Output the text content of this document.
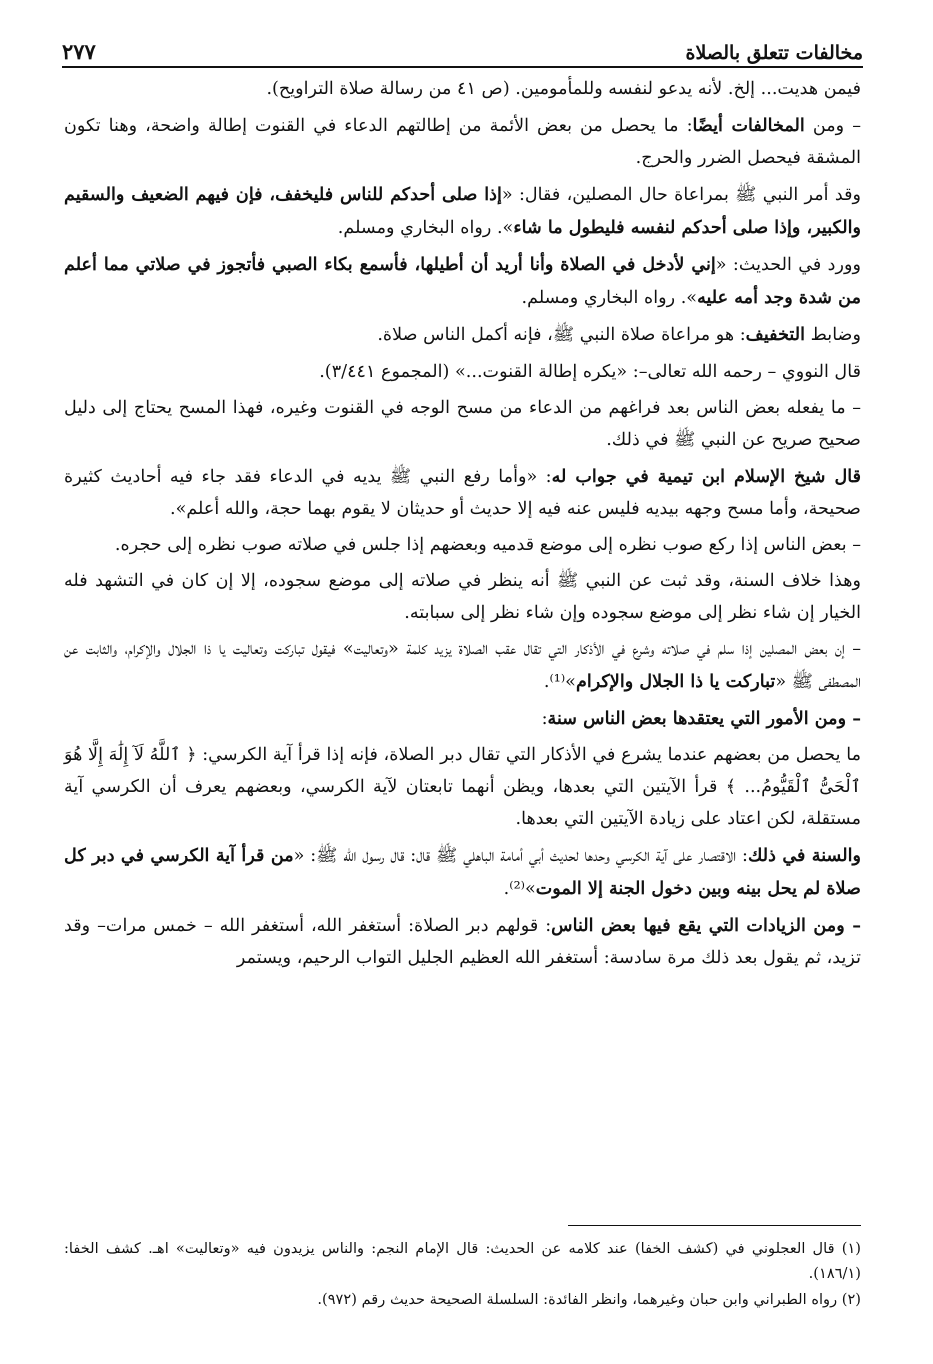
مخالفات تتعلق بالصلاة
٢٧٧

فيمن هديت... إلخ. لأنه يدعو لنفسه وللمأمومين. (ص ٤١ من رسالة صلاة التراويح).

– ومن المخالفات أيضًا: ما يحصل من بعض الأئمة من إطالتهم الدعاء في القنوت إطالة واضحة، وهنا تكون المشقة فيحصل الضرر والحرج.

وقد أمر النبي ﷺ بمراعاة حال المصلين، فقال: «إذا صلى أحدكم للناس فليخفف، فإن فيهم الضعيف والسقيم والكبير، وإذا صلى أحدكم لنفسه فليطول ما شاء». رواه البخاري ومسلم.

وورد في الحديث: «إني لأدخل في الصلاة وأنا أريد أن أطيلها، فأسمع بكاء الصبي فأتجوز في صلاتي مما أعلم من شدة وجد أمه عليه». رواه البخاري ومسلم.

وضابط التخفيف: هو مراعاة صلاة النبي ﷺ، فإنه أكمل الناس صلاة.

قال النووي – رحمه الله تعالى–: «يكره إطالة القنوت...» (المجموع ٣/٤٤١).

– ما يفعله بعض الناس بعد فراغهم من الدعاء من مسح الوجه في القنوت وغيره، فهذا المسح يحتاج إلى دليل صحيح صريح عن النبي ﷺ في ذلك.

قال شيخ الإسلام ابن تيمية في جواب له: «وأما رفع النبي ﷺ يديه في الدعاء فقد جاء فيه أحاديث كثيرة صحيحة، وأما مسح وجهه بيديه فليس عنه فيه إلا حديث أو حديثان لا يقوم بهما حجة، والله أعلم».

– بعض الناس إذا ركع صوب نظره إلى موضع قدميه وبعضهم إذا جلس في صلاته صوب نظره إلى حجره.

وهذا خلاف السنة، وقد ثبت عن النبي ﷺ أنه ينظر في صلاته إلى موضع سجوده، إلا إن كان في التشهد فله الخيار إن شاء نظر إلى موضع سجوده وإن شاء نظر إلى سبابته.

– إن بعض المصلين إذا سلم في صلاته وشرع في الأذكار التي تقال عقب الصلاة يزيد كلمة «وتعاليت» فيقول تباركت وتعاليت يا ذا الجلال والإكرام، والثابت عن المصطفى ﷺ «تباركت يا ذا الجلال والإكرام»⁽¹⁾.

– ومن الأمور التي يعتقدها بعض الناس سنة:

ما يحصل من بعضهم عندما يشرع في الأذكار التي تقال دبر الصلاة، فإنه إذا قرأ آية الكرسي: ﴿ ٱللَّهُ لَآ إِلَٰهَ إِلَّا هُوَ ٱلْحَىُّ ٱلْقَيُّومُ... ﴾ قرأ الآيتين التي بعدها، ويظن أنهما تابعتان لآية الكرسي، وبعضهم يعرف أن الكرسي آية مستقلة، لكن اعتاد على زيادة الآيتين التي بعدها.

والسنة في ذلك: الاقتصار على آية الكرسي وحدها لحديث أبي أمامة الباهلي ﷺ قال: قال رسول الله ﷺ: «من قرأ آية الكرسي في دبر كل صلاة لم يحل بينه وبين دخول الجنة إلا الموت»⁽²⁾.

– ومن الزيادات التي يقع فيها بعض الناس: قولهم دبر الصلاة: أستغفر الله، أستغفر الله – خمس مرات– وقد تزيد، ثم يقول بعد ذلك مرة سادسة: أستغفر الله العظيم الجليل التواب الرحيم، ويستمر

(١) قال العجلوني في (كشف الخفا) عند كلامه عن الحديث: قال الإمام النجم: والناس يزيدون فيه «وتعاليت» اهـ. كشف الخفا: (١٨٦/١).

(٢) رواه الطبراني وابن حبان وغيرهما، وانظر الفائدة: السلسلة الصحيحة حديث رقم (٩٧٢).
